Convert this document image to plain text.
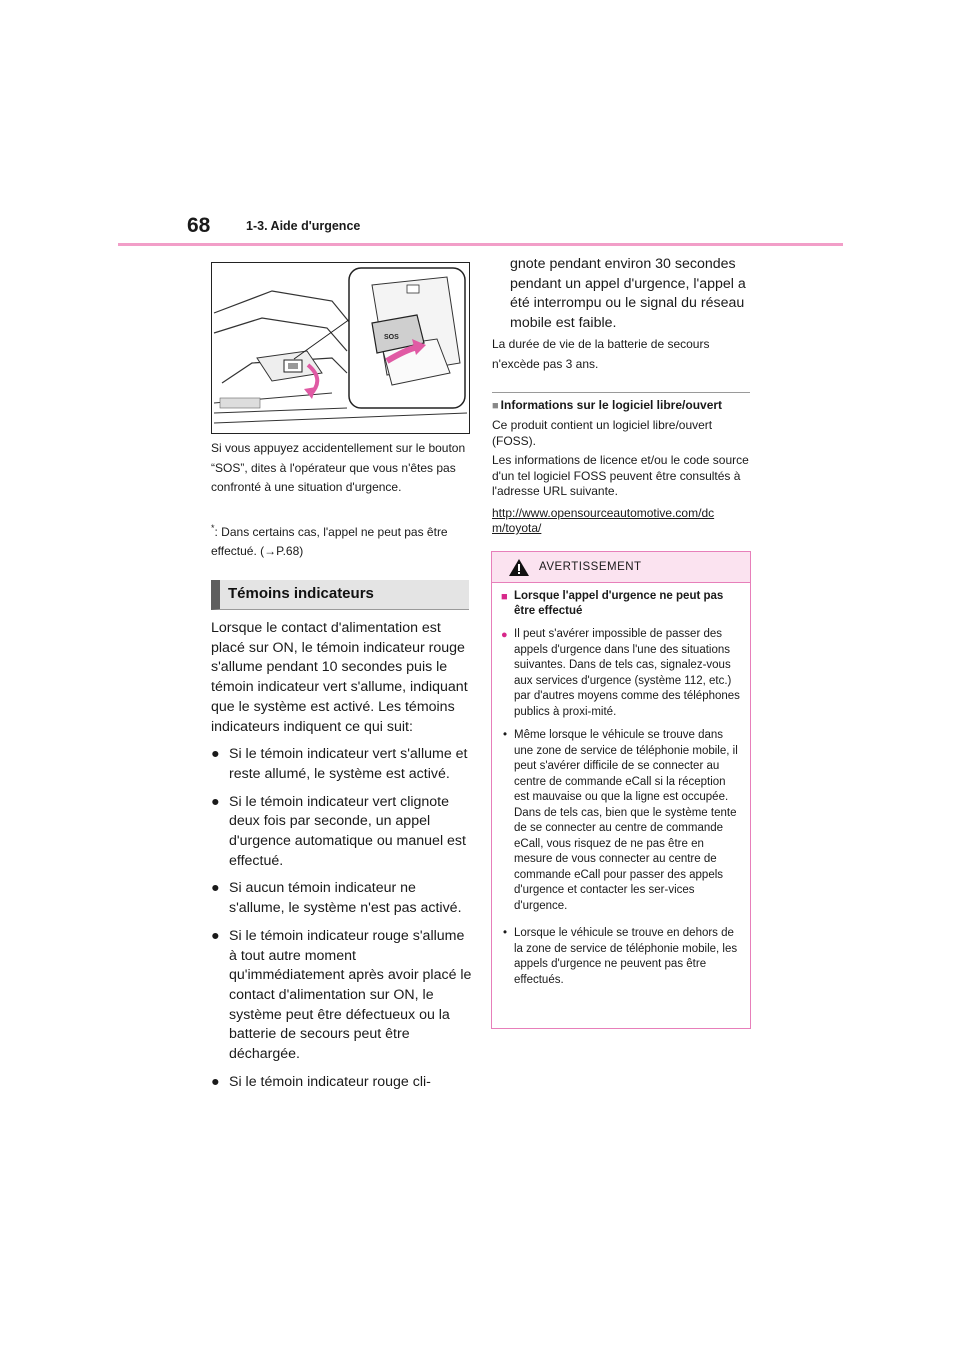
68	1-3. Aide d'urgence
SOS

Si vous appuyez accidentellement sur le bouton “SOS”, dites à l'opérateur que vous n'êtes pas confronté à une situation d'urgence.

*: Dans certains cas, l'appel ne peut pas être effectué. (→P.68)
Témoins indicateurs

Lorsque le contact d'alimentation est placé sur ON, le témoin indicateur rouge s'allume pendant 10 secondes puis le témoin indicateur vert s'allume, indiquant que le système est activé. Les témoins indicateurs indiquent ce qui suit:

● Si le témoin indicateur vert s'allume et reste allumé, le système est activé.
● Si le témoin indicateur vert clignote deux fois par seconde, un appel d'urgence automatique ou manuel est effectué.
● Si aucun témoin indicateur ne s'allume, le système n'est pas activé.
● Si le témoin indicateur rouge s'allume à tout autre moment qu'immédiatement après avoir placé le contact d'alimentation sur ON, le système peut être défectueux ou la batterie de secours peut être déchargée.
● Si le témoin indicateur rouge cli-

gnote pendant environ 30 secondes pendant un appel d'urgence, l'appel a été interrompu ou le signal du réseau mobile est faible.

La durée de vie de la batterie de secours n'excède pas 3 ans.

■ Informations sur le logiciel libre/ouvert

Ce produit contient un logiciel libre/ouvert (FOSS).

Les informations de licence et/ou le code source d'un tel logiciel FOSS peuvent être consultés à l'adresse URL suivante.

http://www.opensourceautomotive.com/dcm/toyota/
AVERTISSEMENT
■ Lorsque l'appel d'urgence ne peut pas être effectué
● Il peut s'avérer impossible de passer des appels d'urgence dans l'une des situations suivantes. Dans de tels cas, signalez-vous aux services d'urgence (système 112, etc.) par d'autres moyens comme des téléphones publics à proxi-mité.
• Même lorsque le véhicule se trouve dans une zone de service de téléphonie mobile, il peut s'avérer difficile de se connecter au centre de commande eCall si la réception est mauvaise ou que la ligne est occupée. Dans de tels cas, bien que le système tente de se connecter au centre de commande eCall, vous risquez de ne pas être en mesure de vous connecter au centre de commande eCall pour passer des appels d'urgence et contacter les ser-vices d'urgence.
• Lorsque le véhicule se trouve en dehors de la zone de service de téléphonie mobile, les appels d'urgence ne peuvent pas être effectués.
